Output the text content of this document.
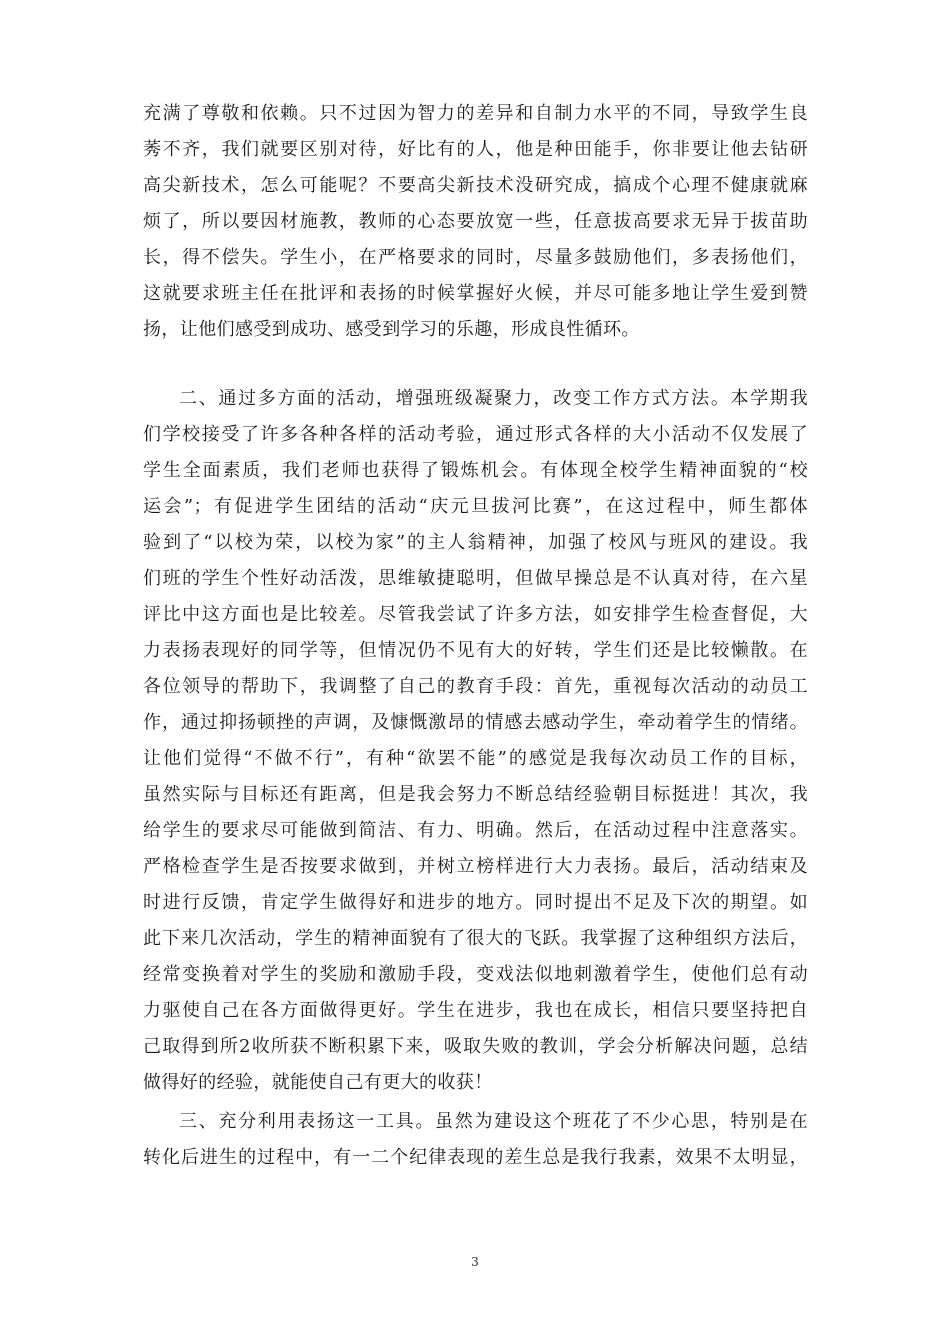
充满了尊敬和依赖。只不过因为智力的差异和自制力水平的不同，导致学生良
莠不齐，我们就要区别对待，好比有的人，他是种田能手，你非要让他去钻研
高尖新技术，怎么可能呢？不要高尖新技术没研究成，搞成个心理不健康就麻
烦了，所以要因材施教，教师的心态要放宽一些，任意拔高要求无异于拔苗助
长，得不偿失。学生小，在严格要求的同时，尽量多鼓励他们，多表扬他们，
这就要求班主任在批评和表扬的时候掌握好火候，并尽可能多地让学生爱到赞
扬，让他们感受到成功、感受到学习的乐趣，形成良性循环。
二、通过多方面的活动，增强班级凝聚力，改变工作方式方法。本学期我
们学校接受了许多各种各样的活动考验，通过形式各样的大小活动不仅发展了
学生全面素质，我们老师也获得了锻炼机会。有体现全校学生精神面貌的“校
运会”；有促进学生团结的活动“庆元旦拔河比赛”，在这过程中，师生都体
验到了“以校为荣，以校为家”的主人翁精神，加强了校风与班风的建设。我
们班的学生个性好动活泼，思维敏捷聪明，但做早操总是不认真对待，在六星
评比中这方面也是比较差。尽管我尝试了许多方法，如安排学生检查督促，大
力表扬表现好的同学等，但情况仍不见有大的好转，学生们还是比较懒散。在
各位领导的帮助下，我调整了自己的教育手段：首先，重视每次活动的动员工
作，通过抑扬顿挫的声调，及慷慨激昂的情感去感动学生，牵动着学生的情绪。
让他们觉得“不做不行”，有种“欲罢不能”的感觉是我每次动员工作的目标，
虽然实际与目标还有距离，但是我会努力不断总结经验朝目标挺进！其次，我
给学生的要求尽可能做到简洁、有力、明确。然后，在活动过程中注意落实。
严格检查学生是否按要求做到，并树立榜样进行大力表扬。最后，活动结束及
时进行反馈，肯定学生做得好和进步的地方。同时提出不足及下次的期望。如
此下来几次活动，学生的精神面貌有了很大的飞跃。我掌握了这种组织方法后，
经常变换着对学生的奖励和激励手段，变戏法似地刺激着学生，使他们总有动
力驱使自己在各方面做得更好。学生在进步，我也在成长，相信只要坚持把自
己取得到所2收所获不断积累下来，吸取失败的教训，学会分析解决问题，总结
做得好的经验，就能使自己有更大的收获！
三、充分利用表扬这一工具。虽然为建设这个班花了不少心思，特别是在
转化后进生的过程中，有一二个纪律表现的差生总是我行我素，效果不太明显，
3
